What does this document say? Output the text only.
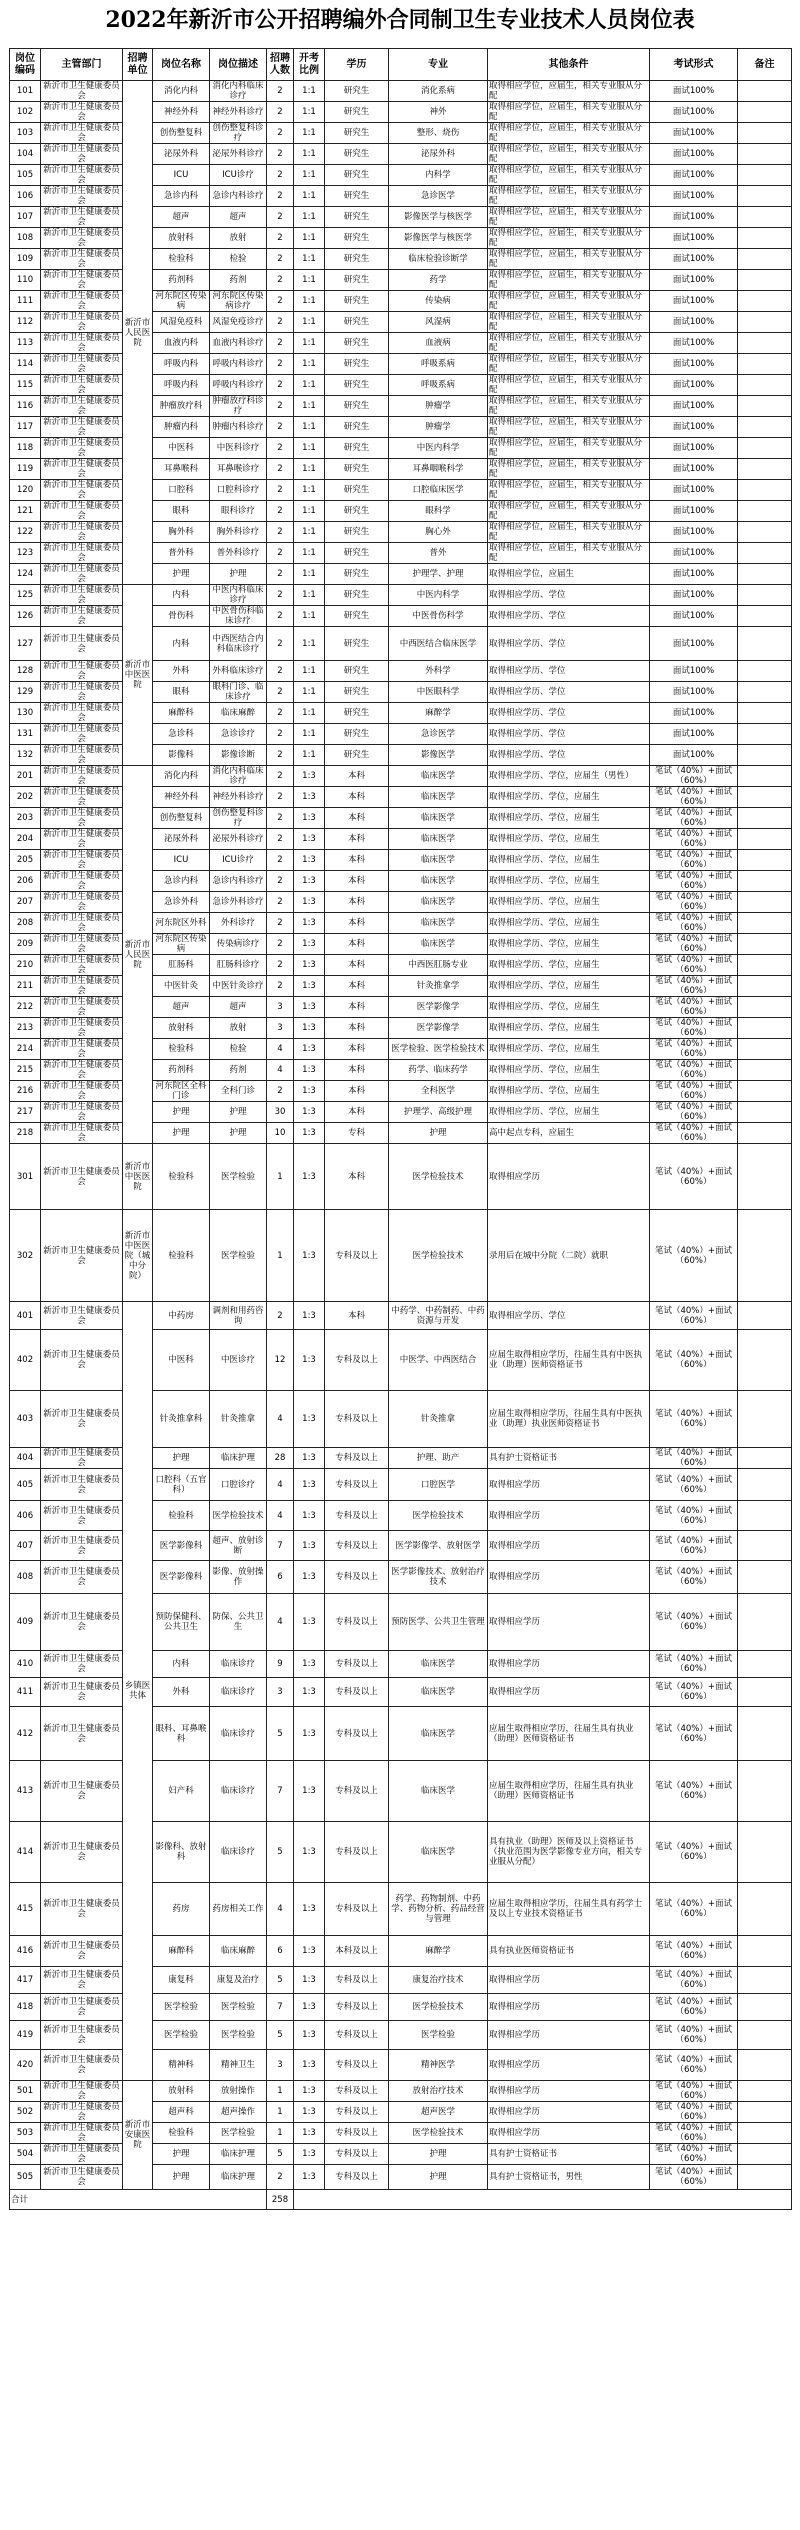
2022年新沂市公开招聘编外合同制卫生专业技术人员岗位表
岗位编码	主管部门	招聘单位	岗位名称	岗位描述	招聘人数	开考比例	学历	专业	其他条件	考试形式	备注
101	新沂市卫生健康委员会	新沂市人民医院	消化内科	消化内科临床诊疗	2	1:1	研究生	消化系病	取得相应学位，应届生，相关专业服从分配	面试100%	
102	新沂市卫生健康委员会		神经外科	神经外科诊疗	2	1:1	研究生	神外	取得相应学位，应届生，相关专业服从分配	面试100%	
103	新沂市卫生健康委员会		创伤整复科	创伤整复科诊疗	2	1:1	研究生	整形、烧伤	取得相应学位，应届生，相关专业服从分配	面试100%	
104	新沂市卫生健康委员会		泌尿外科	泌尿外科诊疗	2	1:1	研究生	泌尿外科	取得相应学位，应届生，相关专业服从分配	面试100%	
105	新沂市卫生健康委员会		ICU	ICU诊疗	2	1:1	研究生	内科学	取得相应学位，应届生，相关专业服从分配	面试100%	
106	新沂市卫生健康委员会		急诊内科	急诊内科诊疗	2	1:1	研究生	急诊医学	取得相应学位，应届生，相关专业服从分配	面试100%	
107	新沂市卫生健康委员会		超声	超声	2	1:1	研究生	影像医学与核医学	取得相应学位，应届生，相关专业服从分配	面试100%	
108	新沂市卫生健康委员会		放射科	放射	2	1:1	研究生	影像医学与核医学	取得相应学位，应届生，相关专业服从分配	面试100%	
109	新沂市卫生健康委员会		检验科	检验	2	1:1	研究生	临床检验诊断学	取得相应学位，应届生，相关专业服从分配	面试100%	
110	新沂市卫生健康委员会		药剂科	药剂	2	1:1	研究生	药学	取得相应学位，应届生，相关专业服从分配	面试100%	
111	新沂市卫生健康委员会		河东院区传染病	河东院区传染病诊疗	2	1:1	研究生	传染病	取得相应学位，应届生，相关专业服从分配	面试100%	
112	新沂市卫生健康委员会		风湿免疫科	风湿免疫诊疗	2	1:1	研究生	风湿病	取得相应学位，应届生，相关专业服从分配	面试100%	
113	新沂市卫生健康委员会		血液内科	血液内科诊疗	2	1:1	研究生	血液病	取得相应学位，应届生，相关专业服从分配	面试100%	
114	新沂市卫生健康委员会		呼吸内科	呼吸内科诊疗	2	1:1	研究生	呼吸系病	取得相应学位，应届生，相关专业服从分配	面试100%	
115	新沂市卫生健康委员会		呼吸内科	呼吸内科诊疗	2	1:1	研究生	呼吸系病	取得相应学位，应届生，相关专业服从分配	面试100%	
116	新沂市卫生健康委员会		肿瘤放疗科	肿瘤放疗科诊疗	2	1:1	研究生	肿瘤学	取得相应学位，应届生，相关专业服从分配	面试100%	
117	新沂市卫生健康委员会		肿瘤内科	肿瘤内科诊疗	2	1:1	研究生	肿瘤学	取得相应学位，应届生，相关专业服从分配	面试100%	
118	新沂市卫生健康委员会		中医科	中医科诊疗	2	1:1	研究生	中医内科学	取得相应学位，应届生，相关专业服从分配	面试100%	
119	新沂市卫生健康委员会		耳鼻喉科	耳鼻喉诊疗	2	1:1	研究生	耳鼻咽喉科学	取得相应学位，应届生，相关专业服从分配	面试100%	
120	新沂市卫生健康委员会		口腔科	口腔科诊疗	2	1:1	研究生	口腔临床医学	取得相应学位，应届生，相关专业服从分配	面试100%	
121	新沂市卫生健康委员会		眼科	眼科诊疗	2	1:1	研究生	眼科学	取得相应学位，应届生，相关专业服从分配	面试100%	
122	新沂市卫生健康委员会		胸外科	胸外科诊疗	2	1:1	研究生	胸心外	取得相应学位，应届生，相关专业服从分配	面试100%	
123	新沂市卫生健康委员会		普外科	普外科诊疗	2	1:1	研究生	普外	取得相应学位，应届生，相关专业服从分配	面试100%	
124	新沂市卫生健康委员会		护理	护理	2	1:1	研究生	护理学、护理	取得相应学位，应届生	面试100%	
125	新沂市卫生健康委员会	新沂市中医医院	内科	中医内科临床诊疗	2	1:1	研究生	中医内科学	取得相应学历、学位	面试100%	
126	新沂市卫生健康委员会		骨伤科	中医骨伤科临床诊疗	2	1:1	研究生	中医骨伤科学	取得相应学历、学位	面试100%	
127	新沂市卫生健康委员会		内科	中西医结合内科临床诊疗	2	1:1	研究生	中西医结合临床医学	取得相应学历、学位	面试100%	
128	新沂市卫生健康委员会		外科	外科临床诊疗	2	1:1	研究生	外科学	取得相应学历、学位	面试100%	
129	新沂市卫生健康委员会		眼科	眼科门诊、临床诊疗	2	1:1	研究生	中医眼科学	取得相应学历、学位	面试100%	
130	新沂市卫生健康委员会		麻醉科	临床麻醉	2	1:1	研究生	麻醉学	取得相应学历、学位	面试100%	
131	新沂市卫生健康委员会		急诊科	急诊诊疗	2	1:1	研究生	急诊医学	取得相应学历、学位	面试100%	
132	新沂市卫生健康委员会		影像科	影像诊断	2	1:1	研究生	影像医学	取得相应学历、学位	面试100%	
201	新沂市卫生健康委员会	新沂市人民医院	消化内科	消化内科临床诊疗	2	1:3	本科	临床医学	取得相应学历、学位，应届生（男性）	笔试（40%）+面试（60%）	
202	新沂市卫生健康委员会		神经外科	神经外科诊疗	2	1:3	本科	临床医学	取得相应学历、学位，应届生	笔试（40%）+面试（60%）	
203	新沂市卫生健康委员会		创伤整复科	创伤整复科诊疗	2	1:3	本科	临床医学	取得相应学历、学位，应届生	笔试（40%）+面试（60%）	
204	新沂市卫生健康委员会		泌尿外科	泌尿外科诊疗	2	1:3	本科	临床医学	取得相应学历、学位，应届生	笔试（40%）+面试（60%）	
205	新沂市卫生健康委员会		ICU	ICU诊疗	2	1:3	本科	临床医学	取得相应学历、学位，应届生	笔试（40%）+面试（60%）	
206	新沂市卫生健康委员会		急诊内科	急诊内科诊疗	2	1:3	本科	临床医学	取得相应学历、学位，应届生	笔试（40%）+面试（60%）	
207	新沂市卫生健康委员会		急诊外科	急诊外科诊疗	2	1:3	本科	临床医学	取得相应学历、学位，应届生	笔试（40%）+面试（60%）	
208	新沂市卫生健康委员会		河东院区外科	外科诊疗	2	1:3	本科	临床医学	取得相应学历、学位，应届生	笔试（40%）+面试（60%）	
209	新沂市卫生健康委员会		河东院区传染病	传染病诊疗	2	1:3	本科	临床医学	取得相应学历、学位，应届生	笔试（40%）+面试（60%）	
210	新沂市卫生健康委员会		肛肠科	肛肠科诊疗	2	1:3	本科	中西医肛肠专业	取得相应学历、学位，应届生	笔试（40%）+面试（60%）	
211	新沂市卫生健康委员会		中医针灸	中医针灸诊疗	2	1:3	本科	针灸推拿学	取得相应学历、学位，应届生	笔试（40%）+面试（60%）	
212	新沂市卫生健康委员会		超声	超声	3	1:3	本科	医学影像学	取得相应学历、学位，应届生	笔试（40%）+面试（60%）	
213	新沂市卫生健康委员会		放射科	放射	3	1:3	本科	医学影像学	取得相应学历、学位，应届生	笔试（40%）+面试（60%）	
214	新沂市卫生健康委员会		检验科	检验	4	1:3	本科	医学检验、医学检验技术	取得相应学历、学位，应届生	笔试（40%）+面试（60%）	
215	新沂市卫生健康委员会		药剂科	药剂	4	1:3	本科	药学、临床药学	取得相应学历、学位，应届生	笔试（40%）+面试（60%）	
216	新沂市卫生健康委员会		河东院区全科门诊	全科门诊	2	1:3	本科	全科医学	取得相应学历、学位，应届生	笔试（40%）+面试（60%）	
217	新沂市卫生健康委员会		护理	护理	30	1:3	本科	护理学、高级护理	取得相应学历、学位，应届生	笔试（40%）+面试（60%）	
218	新沂市卫生健康委员会		护理	护理	10	1:3	专科	护理	高中起点专科，应届生	笔试（40%）+面试（60%）	
301	新沂市卫生健康委员会	新沂市中医医院	检验科	医学检验	1	1:3	本科	医学检验技术	取得相应学历	笔试（40%）+面试（60%）	
302	新沂市卫生健康委员会	新沂市中医医院（城中分院）	检验科	医学检验	1	1:3	专科及以上	医学检验技术	录用后在城中分院（二院）就职	笔试（40%）+面试（60%）	
401	新沂市卫生健康委员会	乡镇医共体	中药房	调剂和用药咨询	2	1:3	本科	中药学、中药制药、中药资源与开发	取得相应学历、学位	笔试（40%）+面试（60%）	
402	新沂市卫生健康委员会		中医科	中医诊疗	12	1:3	专科及以上	中医学、中西医结合	应届生取得相应学历，往届生具有中医执业（助理）医师资格证书	笔试（40%）+面试（60%）	
403	新沂市卫生健康委员会		针灸推拿科	针灸推拿	4	1:3	专科及以上	针灸推拿	应届生取得相应学历，往届生具有中医执业（助理）执业医师资格证书	笔试（40%）+面试（60%）	
404	新沂市卫生健康委员会		护理	临床护理	28	1:3	专科及以上	护理、助产	具有护士资格证书	笔试（40%）+面试（60%）	
405	新沂市卫生健康委员会		口腔科（五官科）	口腔诊疗	4	1:3	专科及以上	口腔医学	取得相应学历	笔试（40%）+面试（60%）	
406	新沂市卫生健康委员会		检验科	医学检验技术	4	1:3	专科及以上	医学检验技术	取得相应学历	笔试（40%）+面试（60%）	
407	新沂市卫生健康委员会		医学影像科	超声、放射诊断	7	1:3	专科及以上	医学影像学、放射医学	取得相应学历	笔试（40%）+面试（60%）	
408	新沂市卫生健康委员会		医学影像科	影像、放射操作	6	1:3	专科及以上	医学影像技术、放射治疗技术	取得相应学历	笔试（40%）+面试（60%）	
409	新沂市卫生健康委员会		预防保健科、公共卫生	防保、公共卫生	4	1:3	专科及以上	预防医学、公共卫生管理	取得相应学历	笔试（40%）+面试（60%）	
410	新沂市卫生健康委员会		内科	临床诊疗	9	1:3	专科及以上	临床医学	取得相应学历	笔试（40%）+面试（60%）	
411	新沂市卫生健康委员会		外科	临床诊疗	3	1:3	专科及以上	临床医学	取得相应学历	笔试（40%）+面试（60%）	
412	新沂市卫生健康委员会		眼科、耳鼻喉科	临床诊疗	5	1:3	专科及以上	临床医学	应届生取得相应学历，往届生具有执业（助理）医师资格证书	笔试（40%）+面试（60%）	
413	新沂市卫生健康委员会		妇产科	临床诊疗	7	1:3	专科及以上	临床医学	应届生取得相应学历，往届生具有执业（助理）医师资格证书	笔试（40%）+面试（60%）	
414	新沂市卫生健康委员会		影像科、放射科	临床诊疗	5	1:3	专科及以上	临床医学	具有执业（助理）医师及以上资格证书（执业范围为医学影像专业方向，相关专业服从分配）	笔试（40%）+面试（60%）	
415	新沂市卫生健康委员会		药房	药房相关工作	4	1:3	专科及以上	药学、药物制剂、中药学、药物分析、药品经营与管理	应届生取得相应学历，往届生具有药学士及以上专业技术资格证书	笔试（40%）+面试（60%）	
416	新沂市卫生健康委员会		麻醉科	临床麻醉	6	1:3	本科及以上	麻醉学	具有执业医师资格证书	笔试（40%）+面试（60%）	
417	新沂市卫生健康委员会		康复科	康复及治疗	5	1:3	专科及以上	康复治疗技术	取得相应学历	笔试（40%）+面试（60%）	
418	新沂市卫生健康委员会		医学检验	医学检验	7	1:3	专科及以上	医学检验技术	取得相应学历	笔试（40%）+面试（60%）	
419	新沂市卫生健康委员会		医学检验	医学检验	5	1:3	专科及以上	医学检验	取得相应学历	笔试（40%）+面试（60%）	
420	新沂市卫生健康委员会		精神科	精神卫生	3	1:3	专科及以上	精神医学	取得相应学历	笔试（40%）+面试（60%）	
501	新沂市卫生健康委员会	新沂市安康医院	放射科	放射操作	1	1:3	专科及以上	放射治疗技术	取得相应学历	笔试（40%）+面试（60%）	
502	新沂市卫生健康委员会		超声科	超声操作	1	1:3	专科及以上	超声医学	取得相应学历	笔试（40%）+面试（60%）	
503	新沂市卫生健康委员会		检验科	医学检验	1	1:3	专科及以上	医学检验技术	取得相应学历	笔试（40%）+面试（60%）	
504	新沂市卫生健康委员会		护理	临床护理	5	1:3	专科及以上	护理	具有护士资格证书	笔试（40%）+面试（60%）	
505	新沂市卫生健康委员会		护理	临床护理	2	1:3	专科及以上	护理	具有护士资格证书，男性	笔试（40%）+面试（60%）	
合计					258						
